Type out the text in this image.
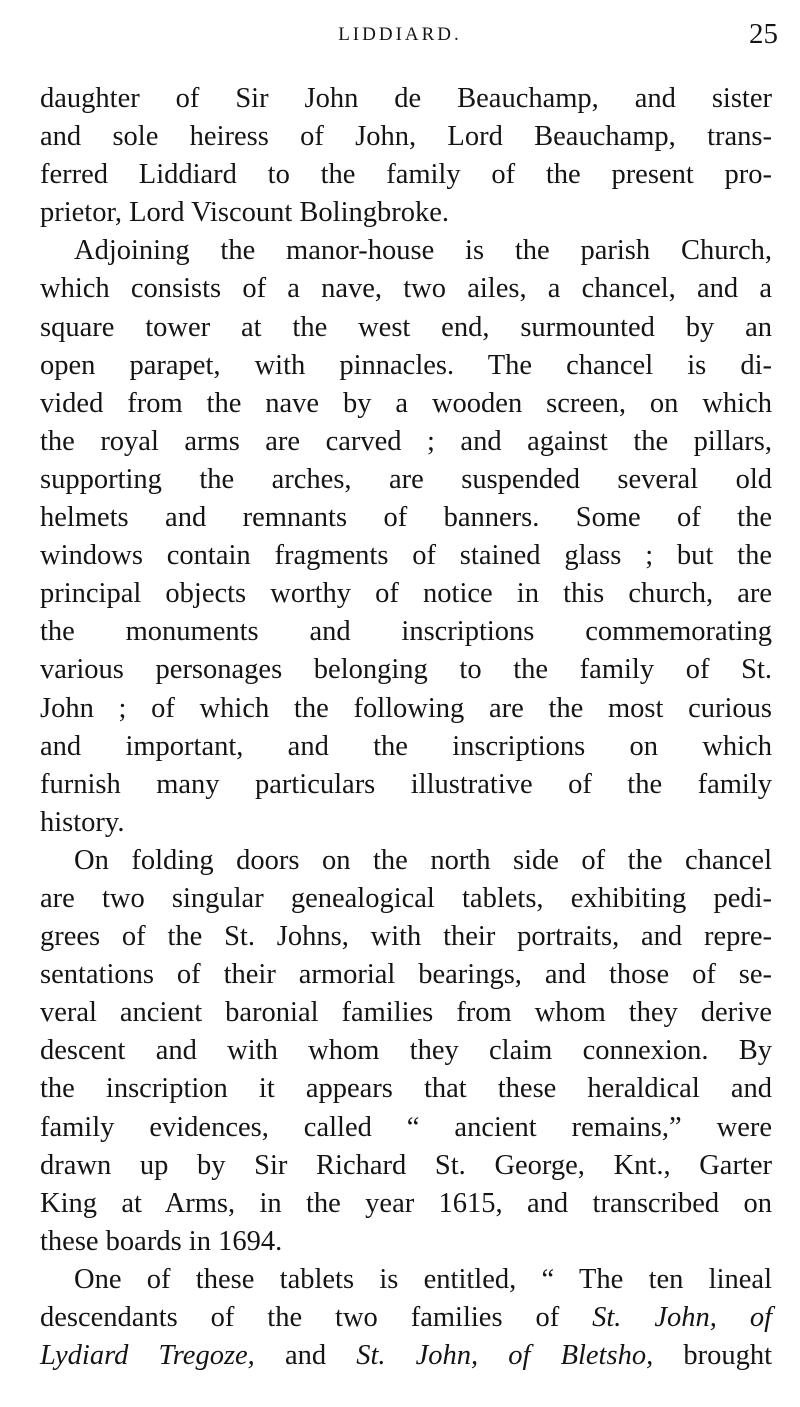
LIDDIARD.	25
daughter of Sir John de Beauchamp, and sister
and sole heiress of John, Lord Beauchamp, trans-
ferred Liddiard to the family of the present pro-
prietor, Lord Viscount Bolingbroke.
Adjoining the manor-house is the parish Church,
which consists of a nave, two ailes, a chancel, and a
square tower at the west end, surmounted by an
open parapet, with pinnacles. The chancel is di-
vided from the nave by a wooden screen, on which
the royal arms are carved ; and against the pillars,
supporting the arches, are suspended several old
helmets and remnants of banners. Some of the
windows contain fragments of stained glass ; but the
principal objects worthy of notice in this church, are
the monuments and inscriptions commemorating
various personages belonging to the family of St.
John ; of which the following are the most curious
and important, and the inscriptions on which
furnish many particulars illustrative of the family
history.
On folding doors on the north side of the chancel
are two singular genealogical tablets, exhibiting pedi-
grees of the St. Johns, with their portraits, and repre-
sentations of their armorial bearings, and those of se-
veral ancient baronial families from whom they derive
descent and with whom they claim connexion. By
the inscription it appears that these heraldical and
family evidences, called “ ancient remains,” were
drawn up by Sir Richard St. George, Knt., Garter
King at Arms, in the year 1615, and transcribed on
these boards in 1694.
One of these tablets is entitled, “ The ten lineal
descendants of the two families of St. John, of
Lydiard Tregoze, and St. John, of Bletsho, brought
